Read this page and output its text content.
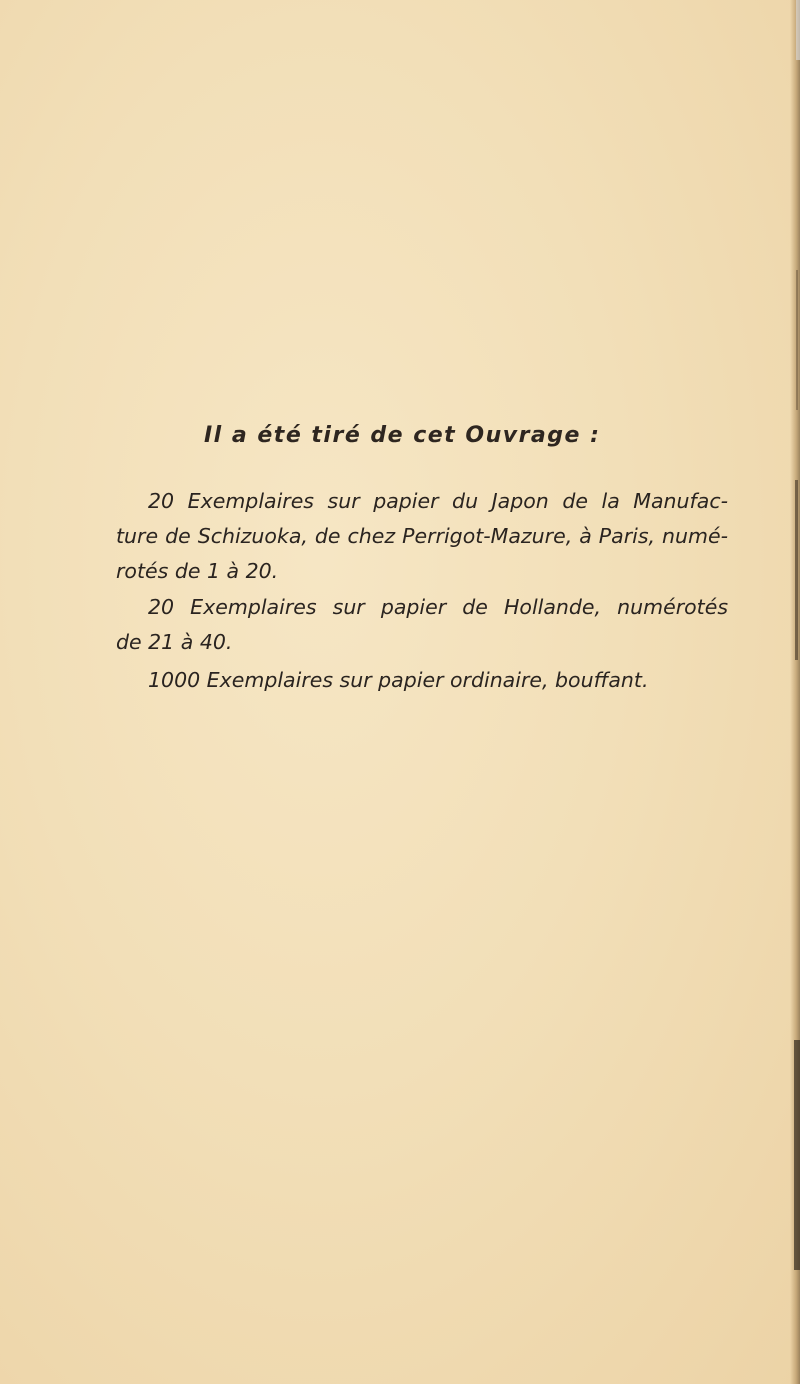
Il a été tiré de cet Ouvrage :
20 Exemplaires sur papier du Japon de la Manufac-
ture de Schizuoka, de chez Perrigot-Mazure, à Paris, numé-
rotés de 1 à 20.
20 Exemplaires sur papier de Hollande, numérotés
de 21 à 40.
1000 Exemplaires sur papier ordinaire, bouffant.
